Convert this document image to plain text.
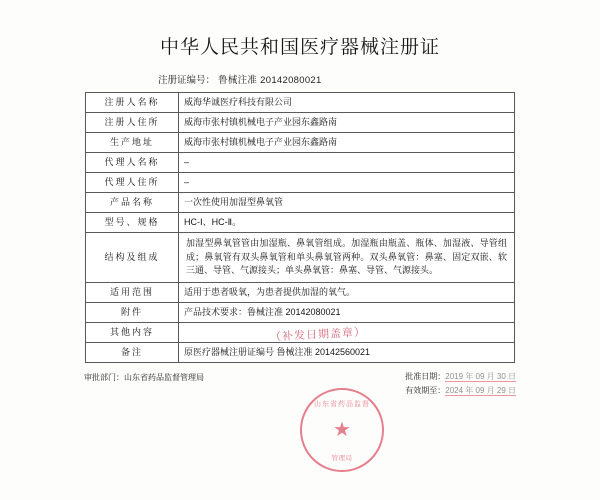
中华人民共和国医疗器械注册证
注册证编号： 鲁械注准 20142080021
注册人名称	威海华诚医疗科技有限公司
注册人住所	威海市张村镇机械电子产业园东鑫路南
生产地址	威海市张村镇机械电子产业园东鑫路南
代理人名称	–
代理人住所	–
产品名称	一次性使用加湿型鼻氧管
型号、规格	HC-Ⅰ、HC-Ⅱ。
结构及组成	加湿型鼻氧管管由加湿瓶、鼻氧管组成。加湿瓶由瓶盖、瓶体、加湿液、导管组成；鼻氧管有双头鼻氧管和单头鼻氧管两种。双头鼻氧管：鼻塞、固定双嵌、软三通、导管、气源接头；单头鼻氧管：鼻塞、导管、气源接头。
适用范围	适用于患者吸氧，为患者提供加湿的氧气。
附件	产品技术要求：鲁械注准 20142080021
其他内容	
备注	原医疗器械注册证编号 鲁械注准 20142560021
审批部门：山东省药品监督管理局	批准日期：2019 年 09 月 30 日
有效期至：2024 年 09 月 29 日
山东省药品监督
★
管理局
（补发日期盖章）
